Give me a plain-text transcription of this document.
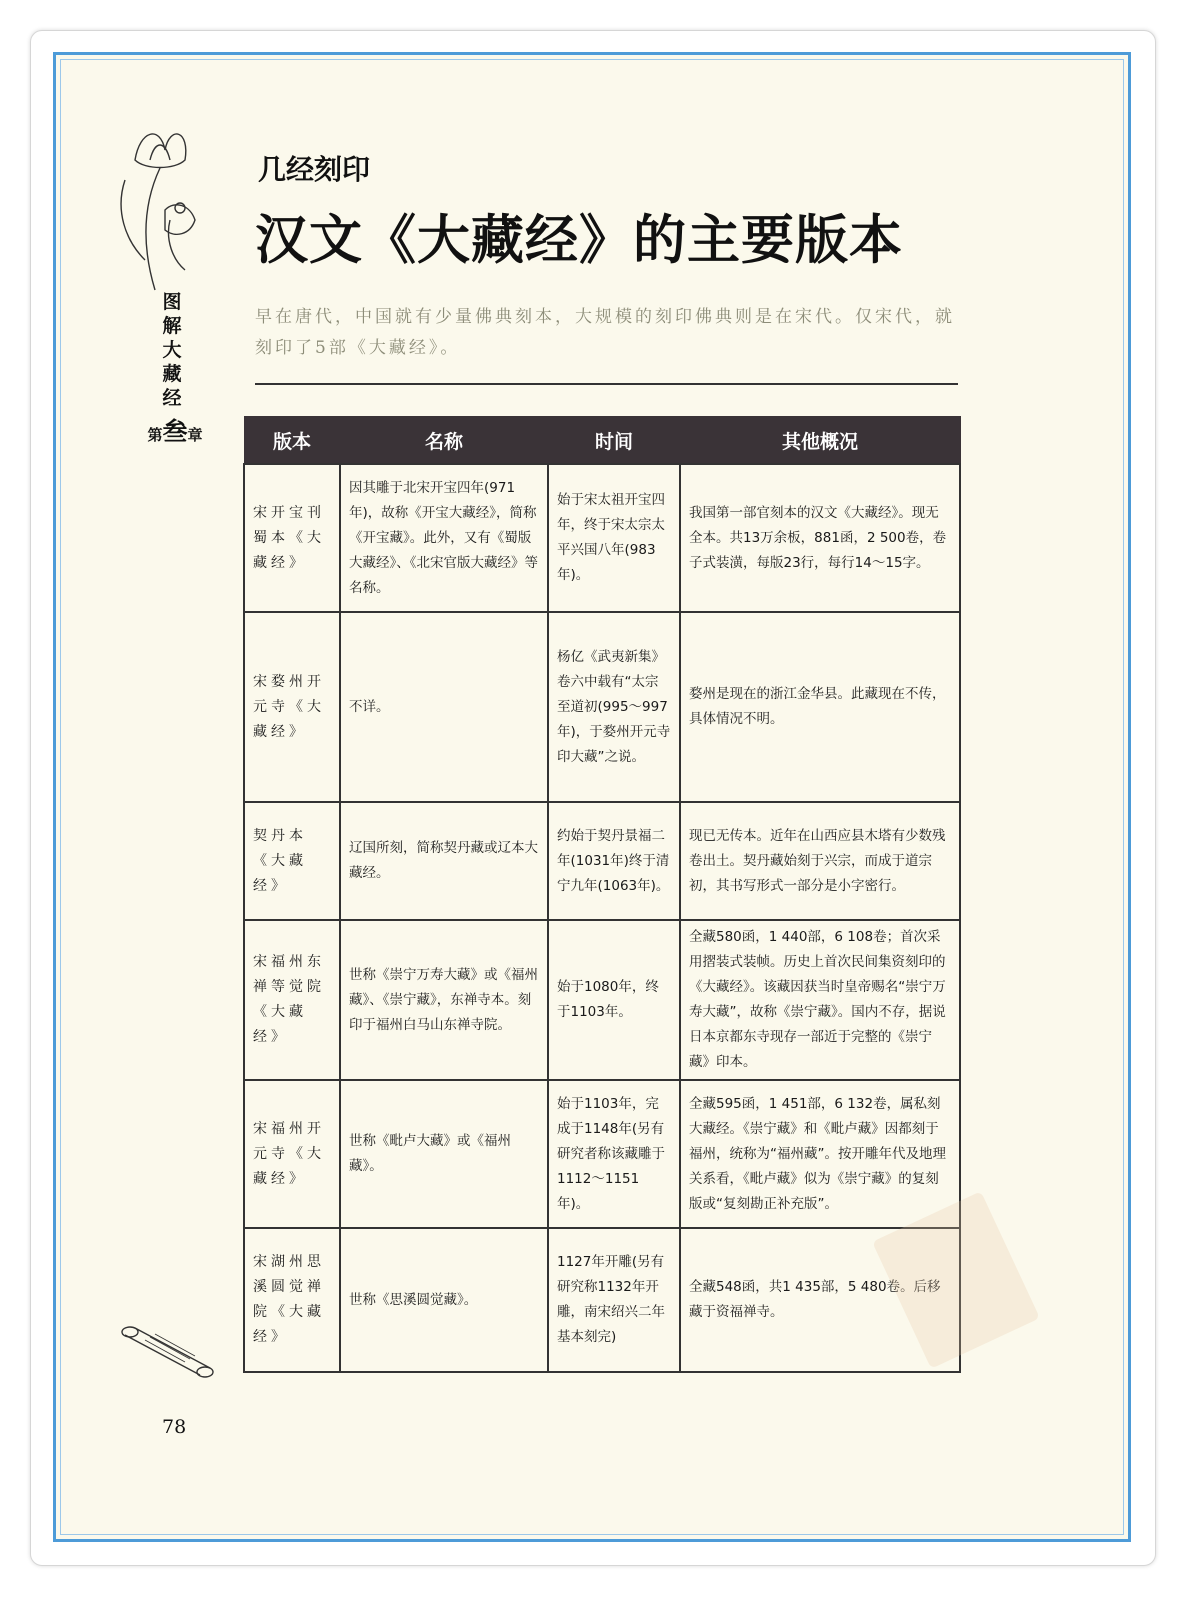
图解大藏经
第叁章
几经刻印
汉文《大藏经》的主要版本
早在唐代，中国就有少量佛典刻本，大规模的刻印佛典则是在宋代。仅宋代，就刻印了5部《大藏经》。
版本	名称	时间	其他概况
宋开宝刊蜀本《大藏经》	因其雕于北宋开宝四年(971年)，故称《开宝大藏经》，简称《开宝藏》。此外，又有《蜀版大藏经》、《北宋官版大藏经》等名称。	始于宋太祖开宝四年，终于宋太宗太平兴国八年(983年)。	我国第一部官刻本的汉文《大藏经》。现无全本。共13万余板，881函，2 500卷，卷子式装潢，每版23行，每行14～15字。
宋婺州开元寺《大藏经》	不详。	杨亿《武夷新集》卷六中载有“太宗至道初(995～997年)，于婺州开元寺印大藏”之说。	婺州是现在的浙江金华县。此藏现在不传，具体情况不明。
契丹本《大藏经》	辽国所刻，简称契丹藏或辽本大藏经。	约始于契丹景福二年(1031年)终于清宁九年(1063年)。	现已无传本。近年在山西应县木塔有少数残卷出土。契丹藏始刻于兴宗，而成于道宗初，其书写形式一部分是小字密行。
宋福州东禅等觉院《大藏经》	世称《崇宁万寿大藏》或《福州藏》、《崇宁藏》，东禅寺本。刻印于福州白马山东禅寺院。	始于1080年，终于1103年。	全藏580函，1 440部，6 108卷；首次采用摺装式装帧。历史上首次民间集资刻印的《大藏经》。该藏因获当时皇帝赐名“崇宁万寿大藏”，故称《崇宁藏》。国内不存，据说日本京都东寺现存一部近于完整的《崇宁藏》印本。
宋福州开元寺《大藏经》	世称《毗卢大藏》或《福州藏》。	始于1103年，完成于1148年(另有研究者称该藏雕于1112～1151年)。	全藏595函，1 451部，6 132卷，属私刻大藏经。《崇宁藏》和《毗卢藏》因都刻于福州，统称为“福州藏”。按开雕年代及地理关系看，《毗卢藏》似为《崇宁藏》的复刻版或“复刻勘正补充版”。
宋湖州思溪圆觉禅院《大藏经》	世称《思溪圆觉藏》。	1127年开雕(另有研究称1132年开雕，南宋绍兴二年基本刻完)	全藏548函，共1 435部，5 480卷。后移藏于资福禅寺。
78
